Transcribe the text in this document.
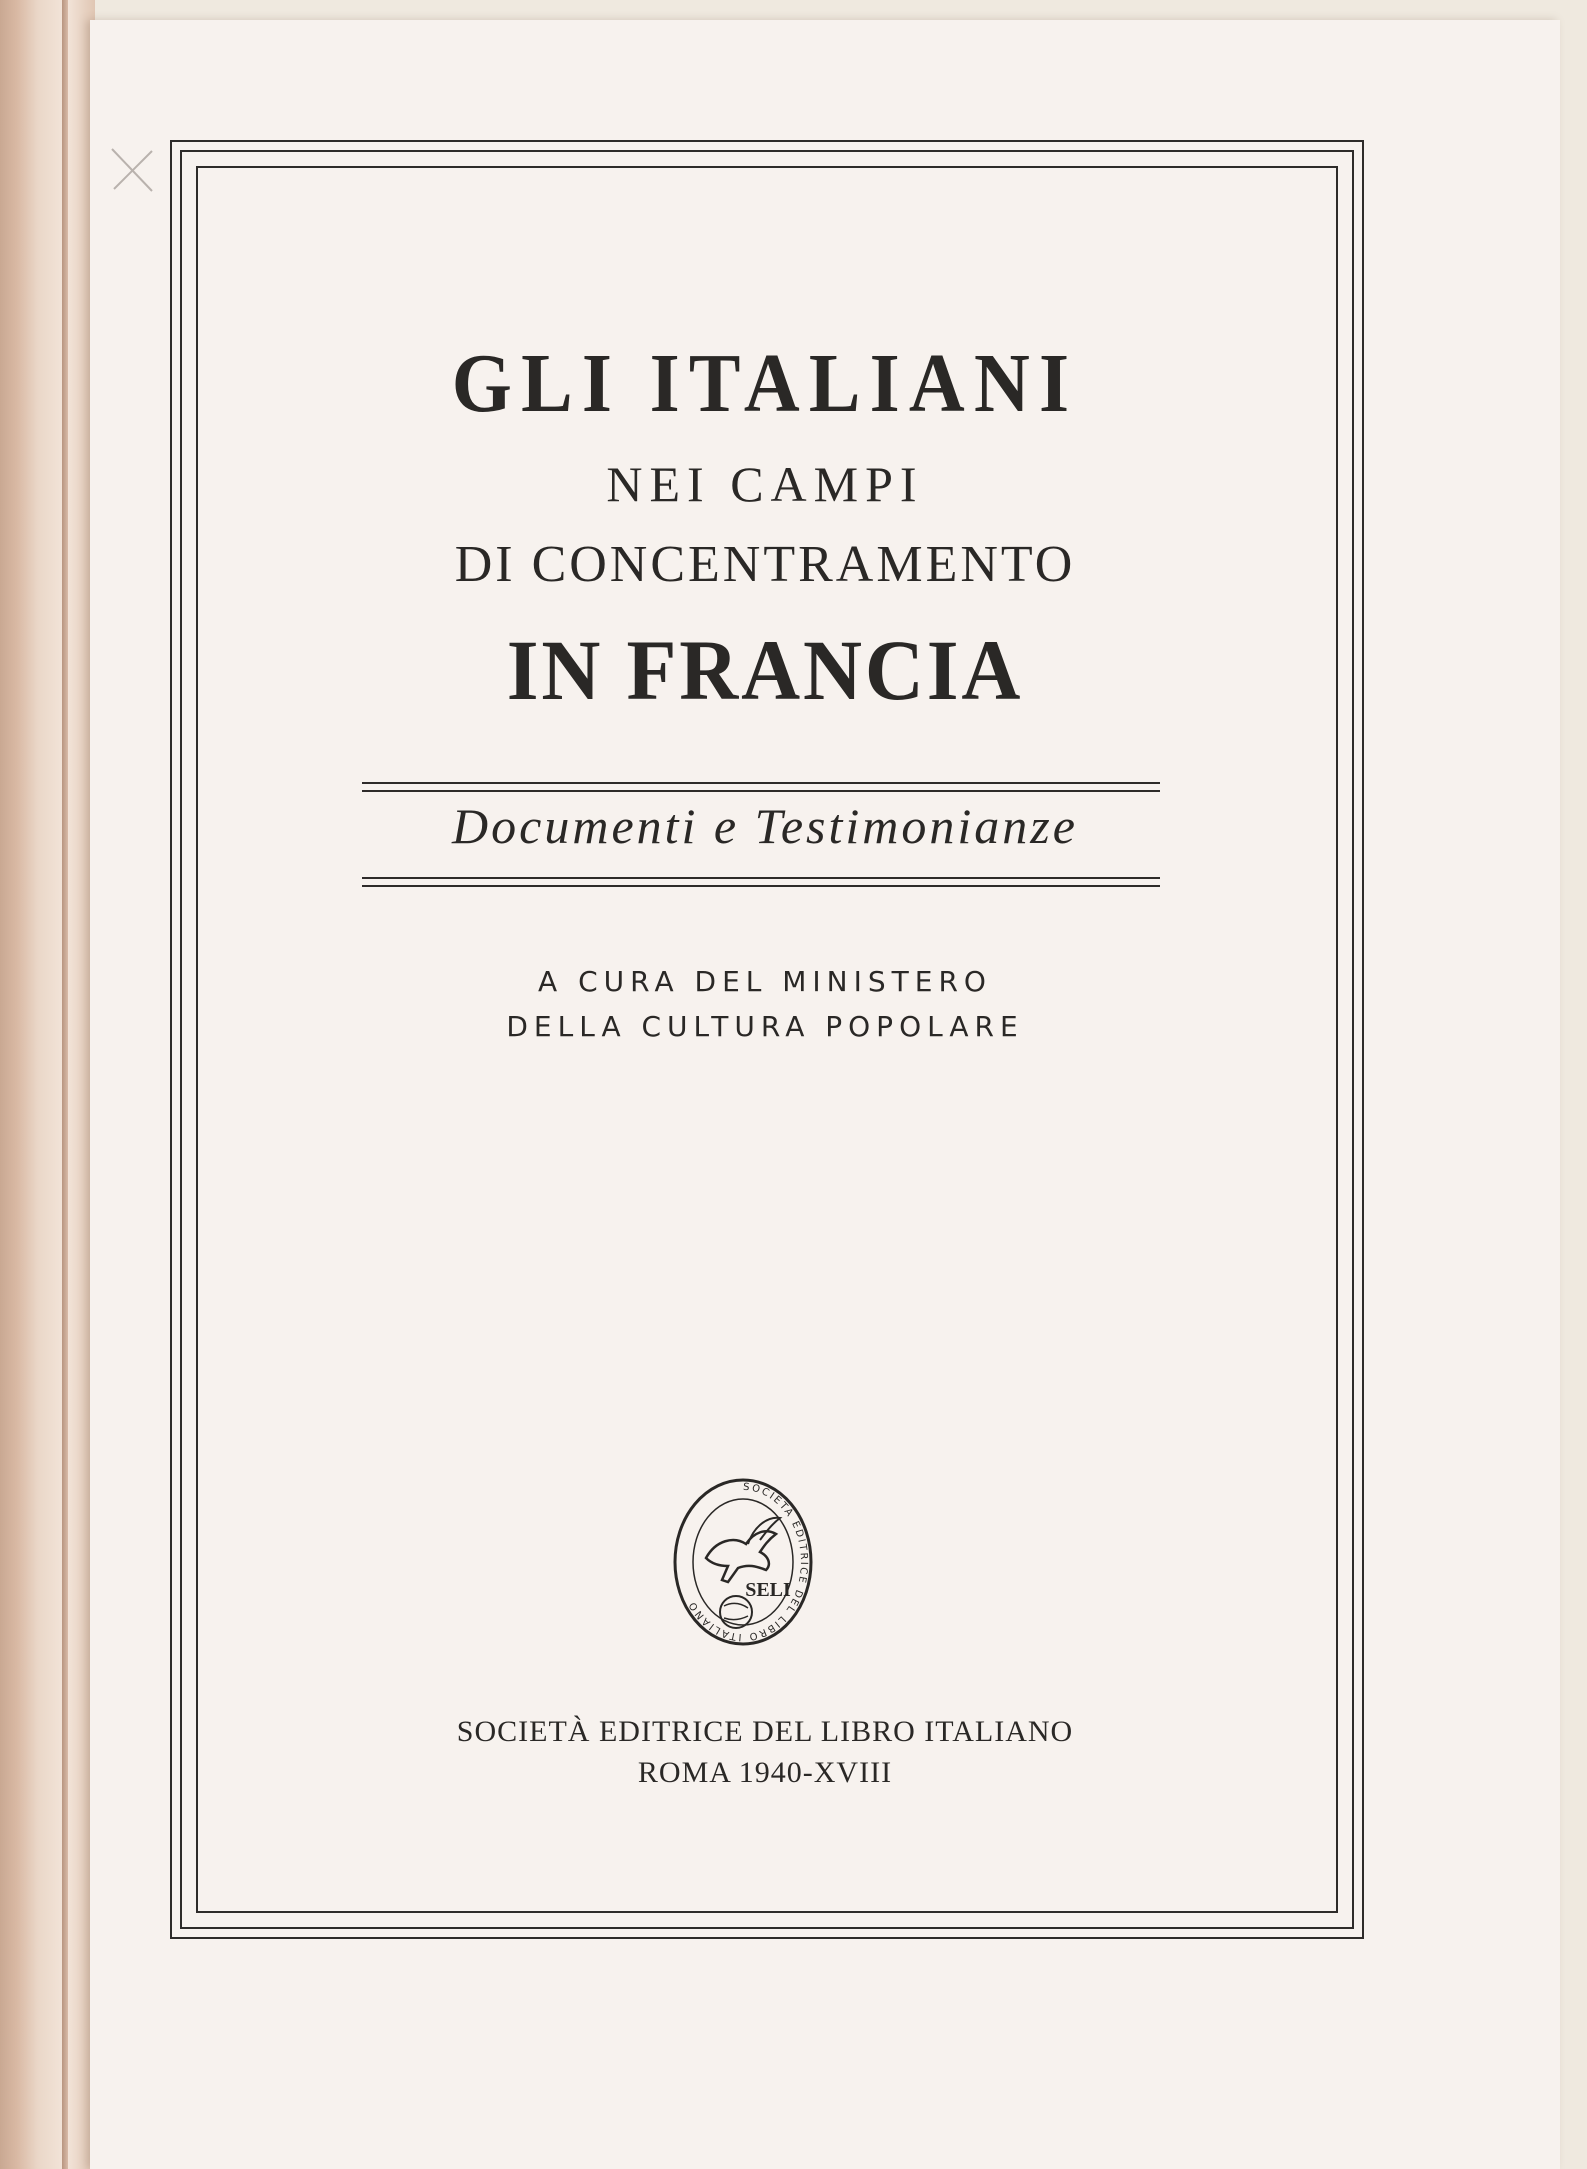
GLI ITALIANI
NEI CAMPI
DI CONCENTRAMENTO
IN FRANCIA
Documenti e Testimonianze
A CURA DEL MINISTERO
DELLA CULTURA POPOLARE
SOCIETÀ EDITRICE DEL LIBRO ITALIANO
SELI
SOCIETÀ EDITRICE DEL LIBRO ITALIANO
ROMA 1940-XVIII
